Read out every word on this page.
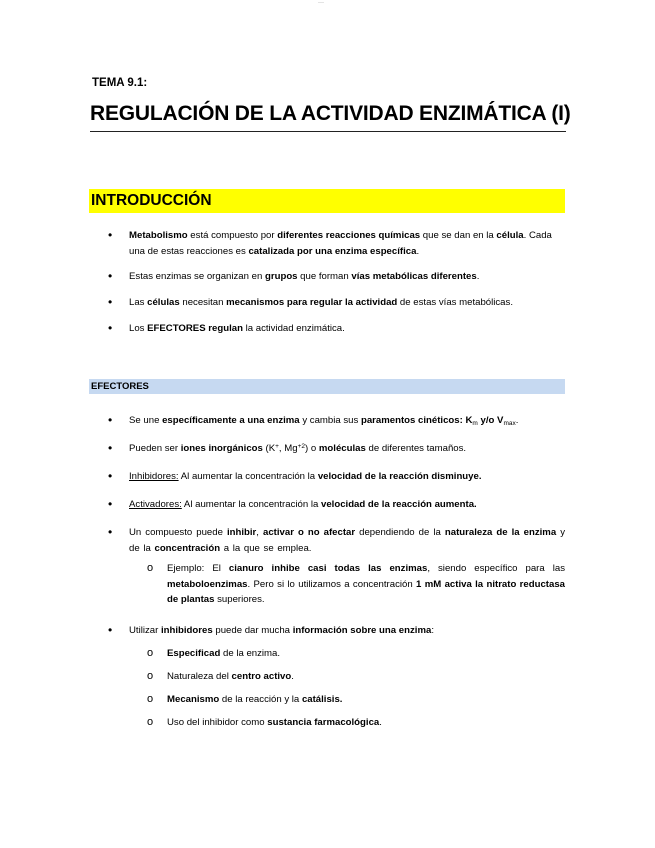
---
TEMA 9.1:
REGULACIÓN DE LA ACTIVIDAD ENZIMÁTICA (I)
INTRODUCCIÓN
• Metabolismo está compuesto por diferentes reacciones químicas que se dan en la célula. Cada una de estas reacciones es catalizada por una enzima específica.

• Estas enzimas se organizan en grupos que forman vías metabólicas diferentes.

• Las células necesitan mecanismos para regular la actividad de estas vías metabólicas.

• Los EFECTORES regulan la actividad enzimática.

EFECTORES
• Se une específicamente a una enzima y cambia sus paramentos cinéticos: $K_m$ y/o $V_{max}$.

• Pueden ser iones inorgánicos (K+, $Mg^{+2}$) o moléculas de diferentes tamaños.

• Inhibidores: Al aumentar la concentración la velocidad de la reacción disminuye.

• Activadores: Al aumentar la concentración la velocidad de la reacción aumenta.

• Un compuesto puede inhibir, activar o no afectar dependiendo de la naturaleza de la enzima y de la concentración a la que se emplea.

o Ejemplo: El cianuro inhibe casi todas las enzimas, siendo específico para las metaboloenzimas. Pero si lo utilizamos a concentración 1 mM activa la nitrato reductasa de plantas superiores.

• Utilizar inhibidores puede dar mucha información sobre una enzima:

o Especificad de la enzima.

o Naturaleza del centro activo.

o Mecanismo de la reacción y la catálisis.

o Uso del inhibidor como sustancia farmacológica.
